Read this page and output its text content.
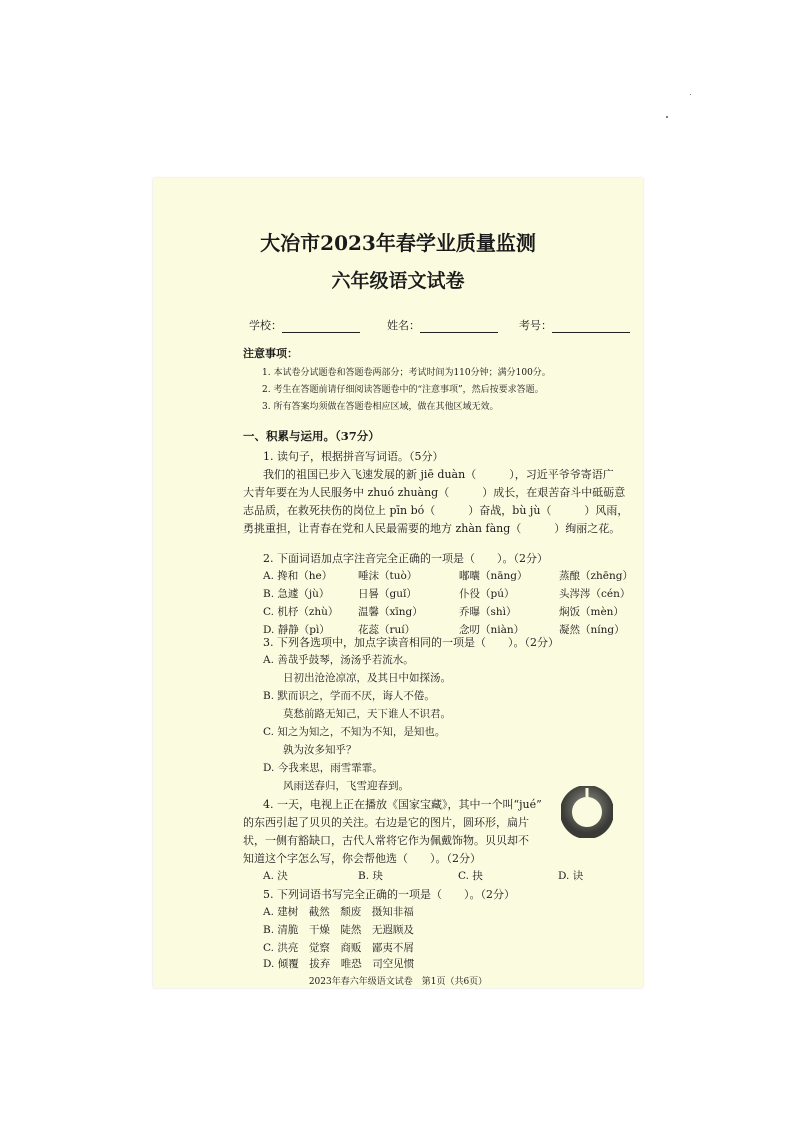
大冶市2023年春学业质量监测
六年级语文试卷
学校：	姓名：	考号：
注意事项：
1. 本试卷分试题卷和答题卷两部分；考试时间为110分钟；满分100分。
2. 考生在答题前请仔细阅读答题卷中的“注意事项”，然后按要求答题。
3. 所有答案均须做在答题卷相应区域，做在其他区域无效。
一、积累与运用。（37分）
1. 读句子，根据拼音写词语。（5分）
我们的祖国已步入飞速发展的新 jiē duàn（　　　），习近平爷爷寄语广
大青年要在为人民服务中 zhuó zhuàng（　　　）成长，在艰苦奋斗中砥砺意
志品质，在救死扶伤的岗位上 pīn bó（　　　）奋战，bù jù（　　　）风雨，
勇挑重担，让青春在党和人民最需要的地方 zhàn fàng（　　　）绚丽之花。
2. 下面词语加点字注音完全正确的一项是（　　）。（2分）
A. 搀和（he） 唾沫（tuò）	嘟囔（nāng）	蒸酿（zhēng）
B. 急遽（jù）	日晷（guǐ）	仆役（pú）	头涔涔（cén）
C. 机杼（zhù） 温馨（xīng）	乔曝（shì）	焖饭（mèn）
D. 靜静（pì）	花蕊（ruí）	念叨（niàn）	凝然（níng）
3. 下列各选项中，加点字读音相同的一项是（　　）。（2分）
A. 善哉乎鼓琴，汤汤乎若流水。
日初出沧沧凉凉，及其日中如探汤。
B. 默而识之，学而不厌，诲人不倦。
莫愁前路无知己，天下谁人不识君。
C. 知之为知之，不知为不知，是知也。
孰为汝多知乎？
D. 今我来思，雨雪霏霏。
风雨送春归，飞雪迎春到。
4. 一天，电视上正在播放《国家宝藏》，其中一个叫“jué”
的东西引起了贝贝的关注。右边是它的图片，圆环形，扁片
状，一侧有豁缺口，古代人常将它作为佩戴饰物。贝贝却不
知道这个字怎么写，你会帮他选（　　）。（2分）
A. 決	B. 玦	C. 抉	D. 诀
5. 下列词语书写完全正确的一项是（　　）。（2分）
A. 建树　截然　颓废　摄知非福
B. 清脆　干燥　陡然　无遐顾及
C. 洪亮　觉察　商贩　鄙夷不屑
D. 倾覆　拔弃　唯恐　司空见惯
2023年春六年级语文试卷　第1页（共6页）
